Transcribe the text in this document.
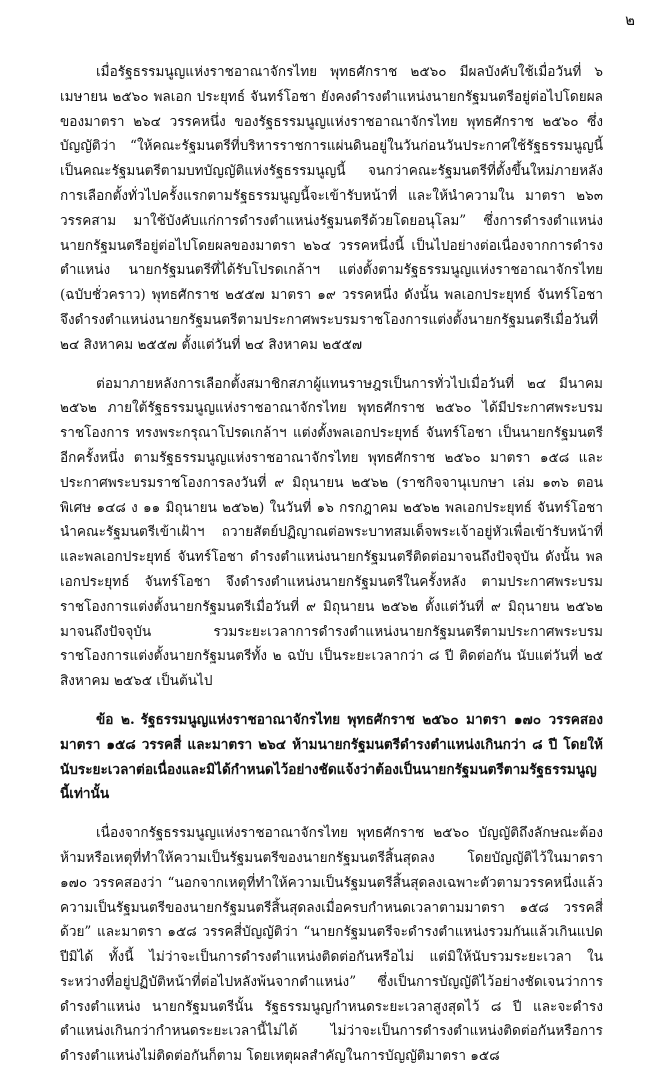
๒

เมื่อรัฐธรรมนูญแห่งราชอาณาจักรไทย พุทธศักราช ๒๕๖๐ มีผลบังคับใช้เมื่อวันที่ ๖ เมษายน ๒๕๖๐ พลเอก ประยุทธ์ จันทร์โอชา ยังคงดำรงตำแหน่งนายกรัฐมนตรีอยู่ต่อไปโดยผลของมาตรา ๒๖๔ วรรคหนึ่ง ของรัฐธรรมนูญแห่งราชอาณาจักรไทย พุทธศักราช ๒๕๖๐ ซึ่งบัญญัติว่า “ให้คณะรัฐมนตรีที่บริหารราชการแผ่นดินอยู่ในวันก่อนวันประกาศใช้รัฐธรรมนูญนี้ เป็นคณะรัฐมนตรีตามบทบัญญัติแห่งรัฐธรรมนูญนี้ จนกว่าคณะรัฐมนตรีที่ตั้งขึ้นใหม่ภายหลังการเลือกตั้งทั่วไปครั้งแรกตามรัฐธรรมนูญนี้จะเข้ารับหน้าที่ และให้นำความใน มาตรา ๒๖๓ วรรคสาม มาใช้บังคับแก่การดำรงตำแหน่งรัฐมนตรีด้วยโดยอนุโลม” ซึ่งการดำรงตำแหน่งนายกรัฐมนตรีอยู่ต่อไปโดยผลของมาตรา ๒๖๔ วรรคหนึ่งนี้ เป็นไปอย่างต่อเนื่องจากการดำรงตำแหน่ง นายกรัฐมนตรีที่ได้รับโปรดเกล้าฯ แต่งตั้งตามรัฐธรรมนูญแห่งราชอาณาจักรไทย (ฉบับชั่วคราว) พุทธศักราช ๒๕๕๗ มาตรา ๑๙ วรรคหนึ่ง ดังนั้น พลเอกประยุทธ์ จันทร์โอชาจึงดำรงตำแหน่งนายกรัฐมนตรีตามประกาศพระบรมราชโองการแต่งตั้งนายกรัฐมนตรีเมื่อวันที่ ๒๔ สิงหาคม ๒๕๕๗ ตั้งแต่วันที่ ๒๔ สิงหาคม ๒๕๕๗

ต่อมาภายหลังการเลือกตั้งสมาชิกสภาผู้แทนราษฎรเป็นการทั่วไปเมื่อวันที่ ๒๔ มีนาคม ๒๕๖๒ ภายใต้รัฐธรรมนูญแห่งราชอาณาจักรไทย พุทธศักราช ๒๕๖๐ ได้มีประกาศพระบรมราชโองการ ทรงพระกรุณาโปรดเกล้าฯ แต่งตั้งพลเอกประยุทธ์ จันทร์โอชา เป็นนายกรัฐมนตรีอีกครั้งหนึ่ง ตามรัฐธรรมนูญแห่งราชอาณาจักรไทย พุทธศักราช ๒๕๖๐ มาตรา ๑๕๘ และประกาศพระบรมราชโองการลงวันที่ ๙ มิถุนายน ๒๕๖๒ (ราชกิจจานุเบกษา เล่ม ๑๓๖ ตอนพิเศษ ๑๔๘ ง ๑๑ มิถุนายน ๒๕๖๒) ในวันที่ ๑๖ กรกฎาคม ๒๕๖๒ พลเอกประยุทธ์ จันทร์โอชา นำคณะรัฐมนตรีเข้าเฝ้าฯ ถวายสัตย์ปฏิญาณต่อพระบาทสมเด็จพระเจ้าอยู่หัวเพื่อเข้ารับหน้าที่ และพลเอกประยุทธ์ จันทร์โอชา ดำรงตำแหน่งนายกรัฐมนตรีติดต่อมาจนถึงปัจจุบัน ดังนั้น พลเอกประยุทธ์ จันทร์โอชา จึงดำรงตำแหน่งนายกรัฐมนตรีในครั้งหลัง ตามประกาศพระบรมราชโองการแต่งตั้งนายกรัฐมนตรีเมื่อวันที่ ๙ มิถุนายน ๒๕๖๒ ตั้งแต่วันที่ ๙ มิถุนายน ๒๕๖๒ มาจนถึงปัจจุบัน รวมระยะเวลาการดำรงตำแหน่งนายกรัฐมนตรีตามประกาศพระบรมราชโองการแต่งตั้งนายกรัฐมนตรีทั้ง ๒ ฉบับ เป็นระยะเวลากว่า ๘ ปี ติดต่อกัน นับแต่วันที่ ๒๕ สิงหาคม ๒๕๖๕ เป็นต้นไป

ข้อ ๒. รัฐธรรมนูญแห่งราชอาณาจักรไทย พุทธศักราช ๒๕๖๐ มาตรา ๑๗๐ วรรคสอง มาตรา ๑๕๘ วรรคสี่ และมาตรา ๒๖๔ ห้ามนายกรัฐมนตรีดำรงตำแหน่งเกินกว่า ๘ ปี โดยให้นับระยะเวลาต่อเนื่องและมิได้กำหนดไว้อย่างชัดแจ้งว่าต้องเป็นนายกรัฐมนตรีตามรัฐธรรมนูญนี้เท่านั้น

เนื่องจากรัฐธรรมนูญแห่งราชอาณาจักรไทย พุทธศักราช ๒๕๖๐ บัญญัติถึงลักษณะต้องห้ามหรือเหตุที่ทำให้ความเป็นรัฐมนตรีของนายกรัฐมนตรีสิ้นสุดลง โดยบัญญัติไว้ในมาตรา ๑๗๐ วรรคสองว่า “นอกจากเหตุที่ทำให้ความเป็นรัฐมนตรีสิ้นสุดลงเฉพาะตัวตามวรรคหนึ่งแล้ว ความเป็นรัฐมนตรีของนายกรัฐมนตรีสิ้นสุดลงเมื่อครบกำหนดเวลาตามมาตรา ๑๕๘ วรรคสี่ ด้วย” และมาตรา ๑๕๘ วรรคสี่บัญญัติว่า “นายกรัฐมนตรีจะดำรงตำแหน่งรวมกันแล้วเกินแปดปีมิได้ ทั้งนี้ ไม่ว่าจะเป็นการดำรงตำแหน่งติดต่อกันหรือไม่ แต่มิให้นับรวมระยะเวลา ในระหว่างที่อยู่ปฏิบัติหน้าที่ต่อไปหลังพ้นจากตำแหน่ง” ซึ่งเป็นการบัญญัติไว้อย่างชัดเจนว่าการดำรงตำแหน่ง นายกรัฐมนตรีนั้น รัฐธรรมนูญกำหนดระยะเวลาสูงสุดไว้ ๘ ปี และจะดำรงตำแหน่งเกินกว่ากำหนดระยะเวลานี้ไม่ได้ ไม่ว่าจะเป็นการดำรงตำแหน่งติดต่อกันหรือการดำรงตำแหน่งไม่ติดต่อกันก็ตาม โดยเหตุผลสำคัญในการบัญญัติมาตรา ๑๕๘
